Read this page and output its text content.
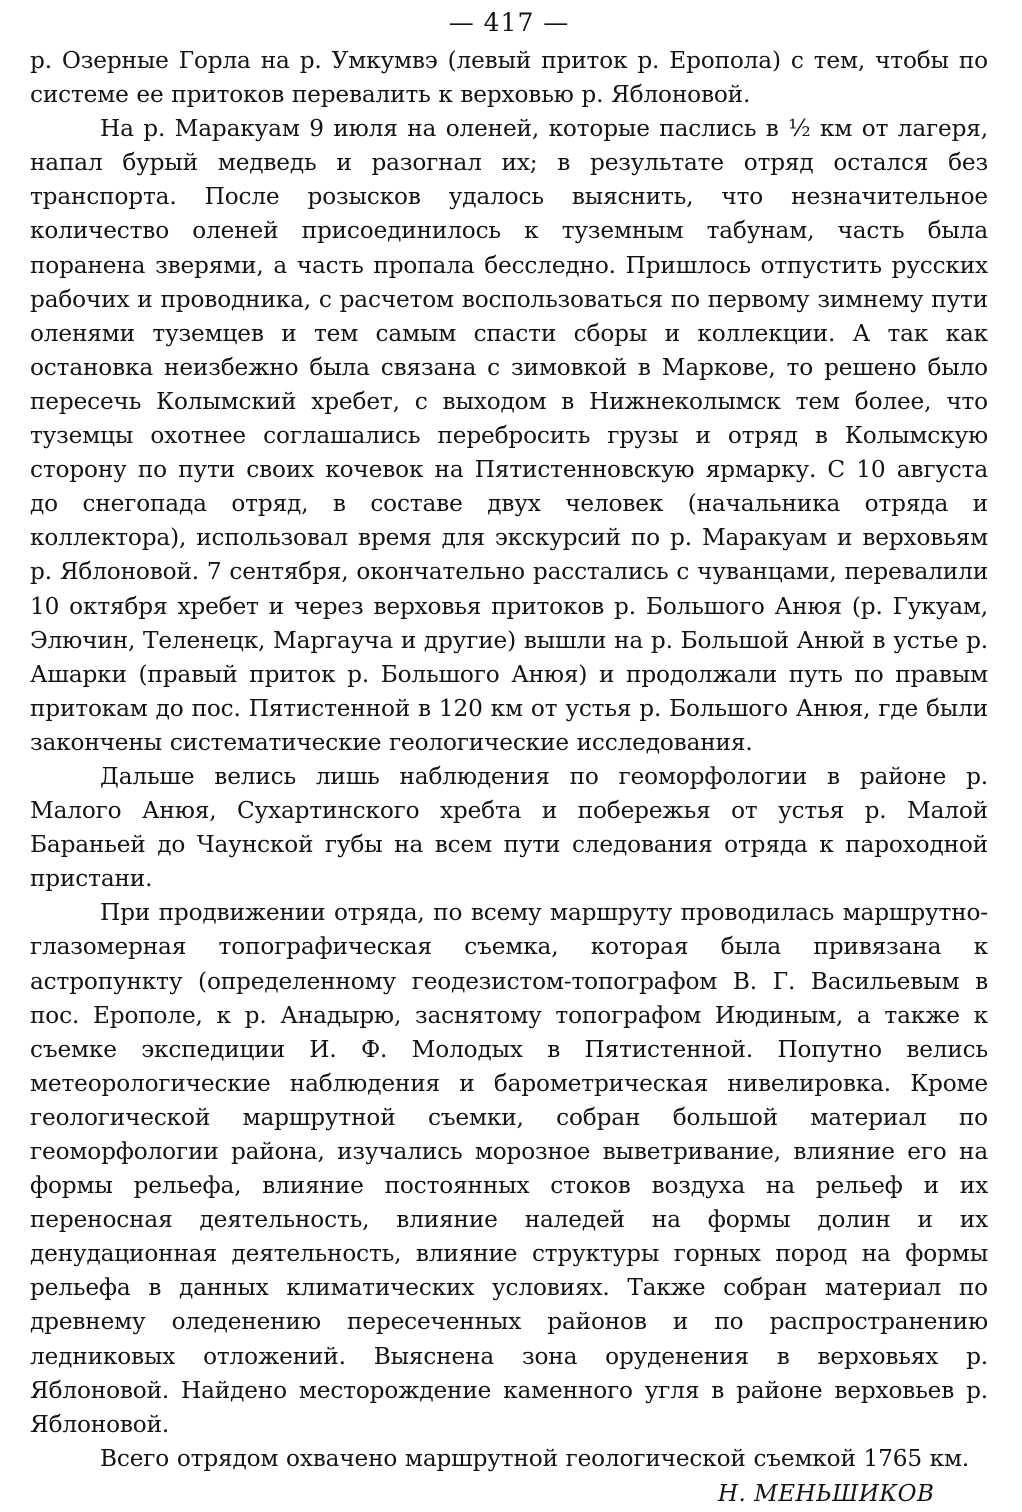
— 417 —

р. Озерные Горла на р. Умкумвэ (левый приток р. Еропола) с тем, чтобы по системе ее притоков перевалить к верховью р. Яблоновой.

На р. Маракуам 9 июля на оленей, которые паслись в ½ км от лагеря, напал бурый медведь и разогнал их; в результате отряд остался без транспорта. После розысков удалось выяснить, что незначительное количество оленей присоединилось к туземным табунам, часть была поранена зверями, а часть пропала бесследно. Пришлось отпустить русских рабочих и проводника, с расчетом воспользоваться по первому зимнему пути оленями туземцев и тем самым спасти сборы и коллекции. А так как остановка неизбежно была связана с зимовкой в Маркове, то решено было пересечь Колымский хребет, с выходом в Нижнеколымск тем более, что туземцы охотнее соглашались перебросить грузы и отряд в Колымскую сторону по пути своих кочевок на Пятистенновскую ярмарку. С 10 августа до снегопада отряд, в составе двух человек (начальника отряда и коллектора), использовал время для экскурсий по р. Маракуам и верховьям р. Яблоновой. 7 сентября, окончательно расстались с чуванцами, перевалили 10 октября хребет и через верховья притоков р. Большого Анюя (р. Гукуам, Элючин, Теленецк, Маргауча и другие) вышли на р. Большой Анюй в устье р. Ашарки (правый приток р. Большого Анюя) и продолжали путь по правым притокам до пос. Пятистенной в 120 км от устья р. Большого Анюя, где были закончены систематические геологические исследования.

Дальше велись лишь наблюдения по геоморфологии в районе р. Малого Анюя, Сухартинского хребта и побережья от устья р. Малой Бараньей до Чаунской губы на всем пути следования отряда к пароходной пристани.

При продвижении отряда, по всему маршруту проводилась маршрутно-глазомерная топографическая съемка, которая была привязана к астропункту (определенному геодезистом-топографом В. Г. Васильевым в пос. Ерополе, к р. Анадырю, заснятому топографом Июдиным, а также к съемке экспедиции И. Ф. Молодых в Пятистенной. Попутно велись метеорологические наблюдения и барометрическая нивелировка. Кроме геологической маршрутной съемки, собран большой материал по геоморфологии района, изучались морозное выветривание, влияние его на формы рельефа, влияние постоянных стоков воздуха на рельеф и их переносная деятельность, влияние наледей на формы долин и их денудационная деятельность, влияние структуры горных пород на формы рельефа в данных климатических условиях. Также собран материал по древнему оледенению пересеченных районов и по распространению ледниковых отложений. Выяснена зона оруденения в верховьях р. Яблоновой. Найдено месторождение каменного угля в районе верховьев р. Яблоновой.

Всего отрядом охвачено маршрутной геологической съемкой 1765 км.

Н. МЕНЬШИКОВ
